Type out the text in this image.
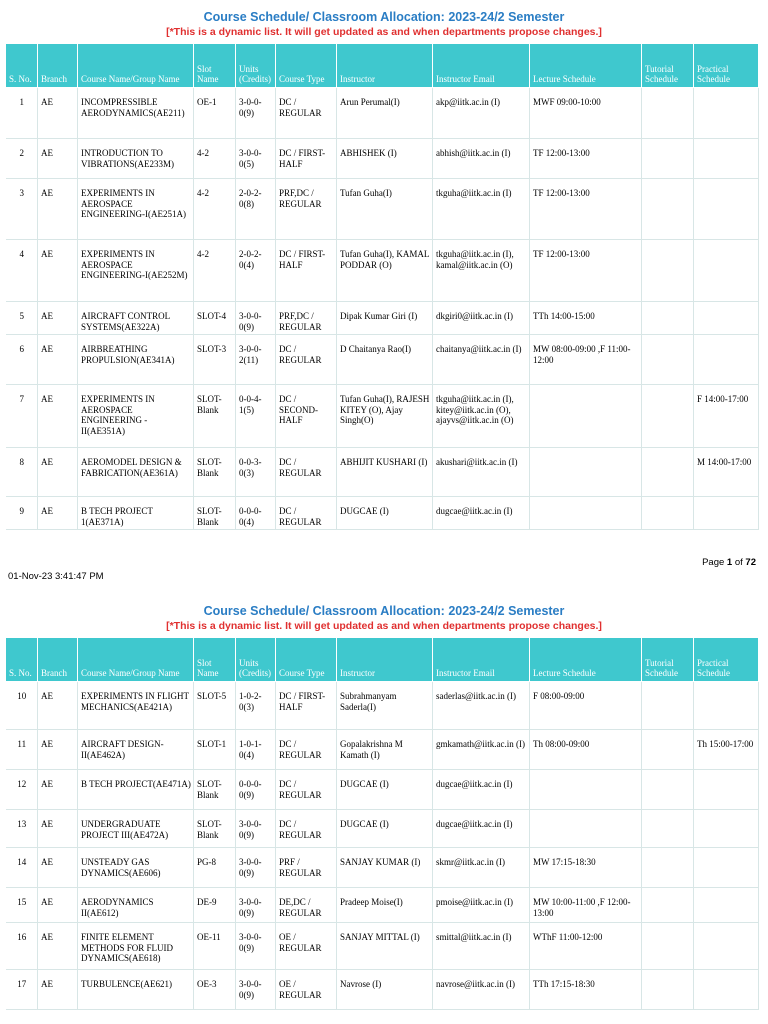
Course Schedule/ Classroom Allocation: 2023-24/2 Semester
[*This is a dynamic list. It will get updated as and when departments propose changes.]
S. No.	Branch	Course Name/Group Name	Slot Name	Units (Credits)	Course Type	Instructor	Instructor Email	Lecture Schedule	Tutorial Schedule	Practical Schedule
1	AE	INCOMPRESSIBLE AERODYNAMICS(AE211)	OE-1	3-0-0-0(9)	DC / REGULAR	Arun Perumal(I)	akp@iitk.ac.in (I)	MWF 09:00-10:00		
2	AE	INTRODUCTION TO VIBRATIONS(AE233M)	4-2	3-0-0-0(5)	DC / FIRST-HALF	ABHISHEK (I)	abhish@iitk.ac.in (I)	TF 12:00-13:00		
3	AE	EXPERIMENTS IN AEROSPACE ENGINEERING-I(AE251A)	4-2	2-0-2-0(8)	PRF,DC / REGULAR	Tufan Guha(I)	tkguha@iitk.ac.in (I)	TF 12:00-13:00		
4	AE	EXPERIMENTS IN AEROSPACE ENGINEERING-I(AE252M)	4-2	2-0-2-0(4)	DC / FIRST-HALF	Tufan Guha(I), KAMAL PODDAR (O)	tkguha@iitk.ac.in (I), kamal@iitk.ac.in (O)	TF 12:00-13:00		
5	AE	AIRCRAFT CONTROL SYSTEMS(AE322A)	SLOT-4	3-0-0-0(9)	PRF,DC / REGULAR	Dipak Kumar Giri (I)	dkgiri0@iitk.ac.in (I)	TTh 14:00-15:00		
6	AE	AIRBREATHING PROPULSION(AE341A)	SLOT-3	3-0-0-2(11)	DC / REGULAR	D Chaitanya Rao(I)	chaitanya@iitk.ac.in (I)	MW 08:00-09:00 ,F 11:00-12:00		
7	AE	EXPERIMENTS IN AEROSPACE ENGINEERING - II(AE351A)	SLOT-Blank	0-0-4-1(5)	DC / SECOND-HALF	Tufan Guha(I), RAJESH KITEY (O), Ajay Singh(O)	tkguha@iitk.ac.in (I), kitey@iitk.ac.in (O), ajayvs@iitk.ac.in (O)			F 14:00-17:00
8	AE	AEROMODEL DESIGN & FABRICATION(AE361A)	SLOT-Blank	0-0-3-0(3)	DC / REGULAR	ABHIJIT KUSHARI (I)	akushari@iitk.ac.in (I)			M 14:00-17:00
9	AE	B TECH PROJECT 1(AE371A)	SLOT-Blank	0-0-0-0(4)	DC / REGULAR	DUGCAE (I)	dugcae@iitk.ac.in (I)			
Page 1 of 72
01-Nov-23 3:41:47 PM
Course Schedule/ Classroom Allocation: 2023-24/2 Semester
[*This is a dynamic list. It will get updated as and when departments propose changes.]
S. No.	Branch	Course Name/Group Name	Slot Name	Units (Credits)	Course Type	Instructor	Instructor Email	Lecture Schedule	Tutorial Schedule	Practical Schedule
10	AE	EXPERIMENTS IN FLIGHT MECHANICS(AE421A)	SLOT-5	1-0-2-0(3)	DC / FIRST-HALF	Subrahmanyam Saderla(I)	saderlas@iitk.ac.in (I)	F 08:00-09:00		
11	AE	AIRCRAFT DESIGN-II(AE462A)	SLOT-1	1-0-1-0(4)	DC / REGULAR	Gopalakrishna M Kamath (I)	gmkamath@iitk.ac.in (I)	Th 08:00-09:00		Th 15:00-17:00
12	AE	B TECH PROJECT(AE471A)	SLOT-Blank	0-0-0-0(9)	DC / REGULAR	DUGCAE (I)	dugcae@iitk.ac.in (I)			
13	AE	UNDERGRADUATE PROJECT III(AE472A)	SLOT-Blank	3-0-0-0(9)	DC / REGULAR	DUGCAE (I)	dugcae@iitk.ac.in (I)			
14	AE	UNSTEADY GAS DYNAMICS(AE606)	PG-8	3-0-0-0(9)	PRF / REGULAR	SANJAY KUMAR (I)	skmr@iitk.ac.in (I)	MW 17:15-18:30		
15	AE	AERODYNAMICS II(AE612)	DE-9	3-0-0-0(9)	DE,DC / REGULAR	Pradeep Moise(I)	pmoise@iitk.ac.in (I)	MW 10:00-11:00 ,F 12:00-13:00		
16	AE	FINITE ELEMENT METHODS FOR FLUID DYNAMICS(AE618)	OE-11	3-0-0-0(9)	OE / REGULAR	SANJAY MITTAL (I)	smittal@iitk.ac.in (I)	WThF 11:00-12:00		
17	AE	TURBULENCE(AE621)	OE-3	3-0-0-0(9)	OE / REGULAR	Navrose (I)	navrose@iitk.ac.in (I)	TTh 17:15-18:30		
